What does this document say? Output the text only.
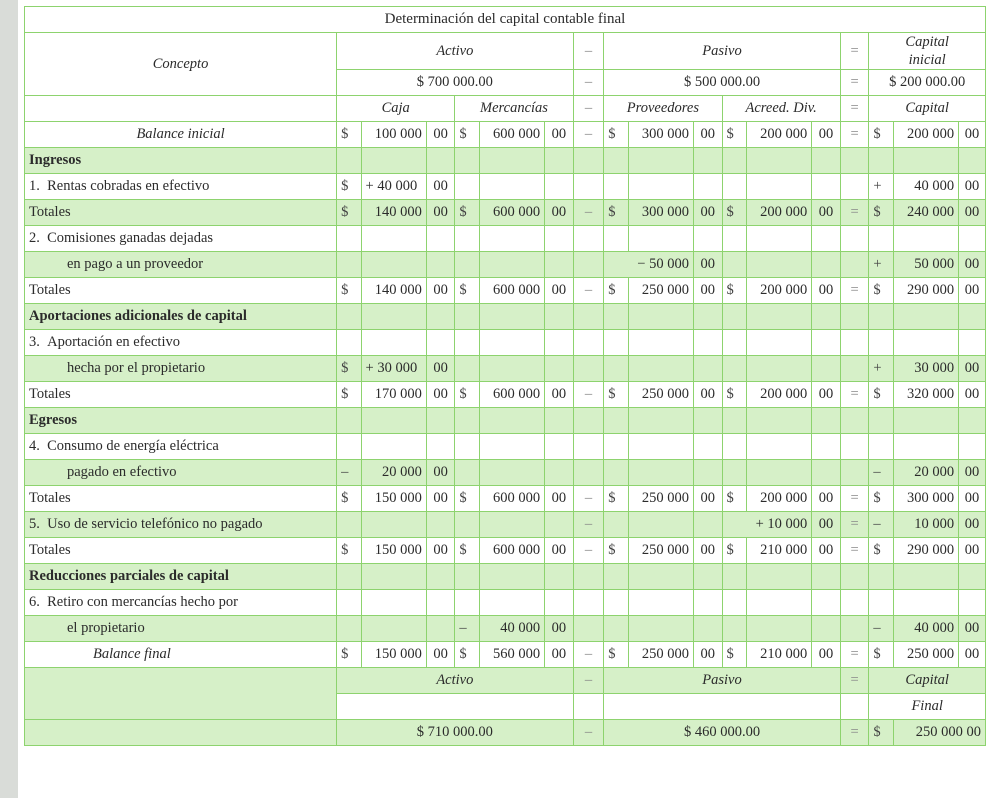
Determinación del capital contable final																	
Concepto	Activo						–	Pasivo						=	Capital
inicial		
	$ 700 000.00						–	$ 500 000.00						=	$ 200 000.00		
	Caja			Mercancías			–	Proveedores			Acreed. Div.			=	Capital		
Balance inicial	$	100 000	00	$	600 000	00	–	$	300 000	00	$	200 000	00	=	$	200 000	00
Ingresos																	
1. Rentas cobradas en efectivo	$	+ 40 000	00												+	40 000	00
Totales	$	140 000	00	$	600 000	00	–	$	300 000	00	$	200 000	00	=	$	240 000	00
2. Comisiones ganadas dejadas																	
en pago a un proveedor								− 50 000		00					+	50 000	00
Totales	$	140 000	00	$	600 000	00	–	$	250 000	00	$	200 000	00	=	$	290 000	00
Aportaciones adicionales de capital																	
3. Aportación en efectivo																	
hecha por el propietario	$	+ 30 000	00												+	30 000	00
Totales	$	170 000	00	$	600 000	00	–	$	250 000	00	$	200 000	00	=	$	320 000	00
Egresos																	
4. Consumo de energía eléctrica																	
pagado en efectivo	–	20 000	00												–	20 000	00
Totales	$	150 000	00	$	600 000	00	–	$	250 000	00	$	200 000	00	=	$	300 000	00
5. Uso de servicio telefónico no pagado							–				+ 10 000		00	=	–	10 000	00
Totales	$	150 000	00	$	600 000	00	–	$	250 000	00	$	210 000	00	=	$	290 000	00
Reducciones parciales de capital																	
6. Retiro con mercancías hecho por																	
el propietario				–	40 000	00									–	40 000	00
Balance final	$	150 000	00	$	560 000	00	–	$	250 000	00	$	210 000	00	=	$	250 000	00
	Activo						–	Pasivo						=	Capital		
															Final		
	$ 710 000.00						–	$ 460 000.00						=	$	250 000 00	
